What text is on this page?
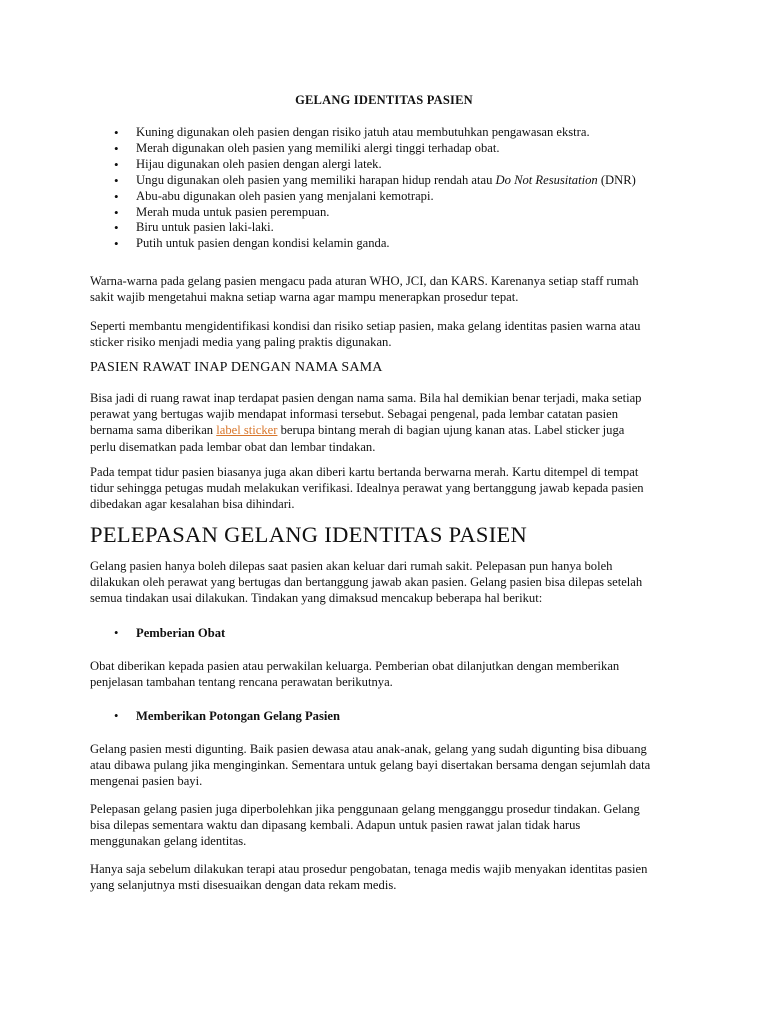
GELANG IDENTITAS PASIEN
• Kuning digunakan oleh pasien dengan risiko jatuh atau membutuhkan pengawasan ekstra.
• Merah digunakan oleh pasien yang memiliki alergi tinggi terhadap obat.
• Hijau digunakan oleh pasien dengan alergi latek.
• Ungu digunakan oleh pasien yang memiliki harapan hidup rendah atau Do Not Resusitation (DNR)
• Abu-abu digunakan oleh pasien yang menjalani kemotrapi.
• Merah muda untuk pasien perempuan.
• Biru untuk pasien laki-laki.
• Putih untuk pasien dengan kondisi kelamin ganda.

Warna-warna pada gelang pasien mengacu pada aturan WHO, JCI, dan KARS. Karenanya setiap staff rumah
sakit wajib mengetahui makna setiap warna agar mampu menerapkan prosedur tepat.

Seperti membantu mengidentifikasi kondisi dan risiko setiap pasien, maka gelang identitas pasien warna atau
sticker risiko menjadi media yang paling praktis digunakan.

PASIEN RAWAT INAP DENGAN NAMA SAMA

Bisa jadi di ruang rawat inap terdapat pasien dengan nama sama. Bila hal demikian benar terjadi, maka setiap
perawat yang bertugas wajib mendapat informasi tersebut. Sebagai pengenal, pada lembar catatan pasien
bernama sama diberikan label sticker berupa bintang merah di bagian ujung kanan atas. Label sticker juga
perlu disematkan pada lembar obat dan lembar tindakan.

Pada tempat tidur pasien biasanya juga akan diberi kartu bertanda berwarna merah. Kartu ditempel di tempat
tidur sehingga petugas mudah melakukan verifikasi. Idealnya perawat yang bertanggung jawab kepada pasien
dibedakan agar kesalahan bisa dihindari.

PELEPASAN GELANG IDENTITAS PASIEN

Gelang pasien hanya boleh dilepas saat pasien akan keluar dari rumah sakit. Pelepasan pun hanya boleh
dilakukan oleh perawat yang bertugas dan bertanggung jawab akan pasien. Gelang pasien bisa dilepas setelah
semua tindakan usai dilakukan. Tindakan yang dimaksud mencakup beberapa hal berikut:

• Pemberian Obat

Obat diberikan kepada pasien atau perwakilan keluarga. Pemberian obat dilanjutkan dengan memberikan
penjelasan tambahan tentang rencana perawatan berikutnya.

• Memberikan Potongan Gelang Pasien

Gelang pasien mesti digunting. Baik pasien dewasa atau anak-anak, gelang yang sudah digunting bisa dibuang
atau dibawa pulang jika menginginkan. Sementara untuk gelang bayi disertakan bersama dengan sejumlah data
mengenai pasien bayi.

Pelepasan gelang pasien juga diperbolehkan jika penggunaan gelang mengganggu prosedur tindakan. Gelang
bisa dilepas sementara waktu dan dipasang kembali. Adapun untuk pasien rawat jalan tidak harus
menggunakan gelang identitas.

Hanya saja sebelum dilakukan terapi atau prosedur pengobatan, tenaga medis wajib menyakan identitas pasien
yang selanjutnya msti disesuaikan dengan data rekam medis.
